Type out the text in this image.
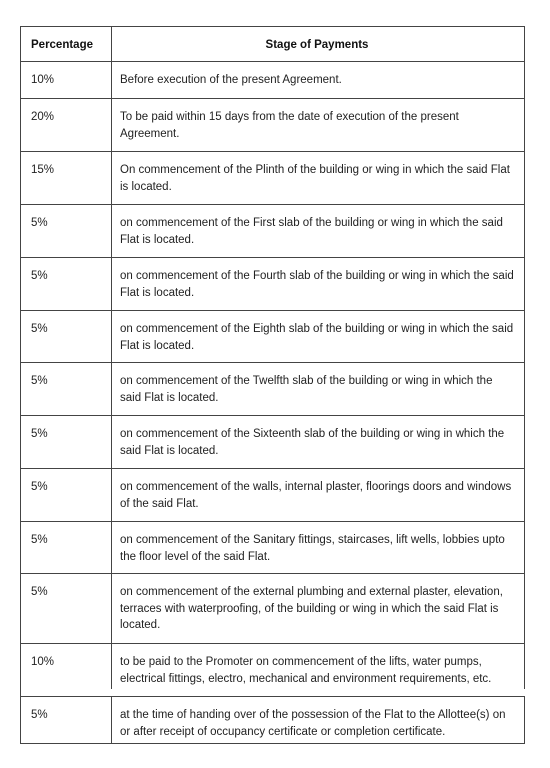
Percentage	Stage of Payments
10%	Before execution of the present Agreement.
20%	To be paid within 15 days from the date of execution of the present Agreement.
15%	On commencement of the Plinth of the building or wing in which the said Flat is located.
5%	on commencement of the First slab of the building or wing in which the said Flat is located.
5%	on commencement of the Fourth slab of the building or wing in which the said Flat is located.
5%	on commencement of the Eighth slab of the building or wing in which the said Flat is located.
5%	on commencement of the Twelfth slab of the building or wing in which the said Flat is located.
5%	on commencement of the Sixteenth slab of the building or wing in which the said Flat is located.
5%	on commencement of the walls, internal plaster, floorings doors and windows of the said Flat.
5%	on commencement of the Sanitary fittings, staircases, lift wells, lobbies upto the floor level of the said Flat.
5%	on commencement of the external plumbing and external plaster, elevation, terraces with waterproofing, of the building or wing in which the said Flat is located.
10%	to be paid to the Promoter on commencement of the lifts, water pumps, electrical fittings, electro, mechanical and environment requirements, etc.
5%	at the time of handing over of the possession of the Flat to the Allottee(s) on or after receipt of occupancy certificate or completion certificate.
